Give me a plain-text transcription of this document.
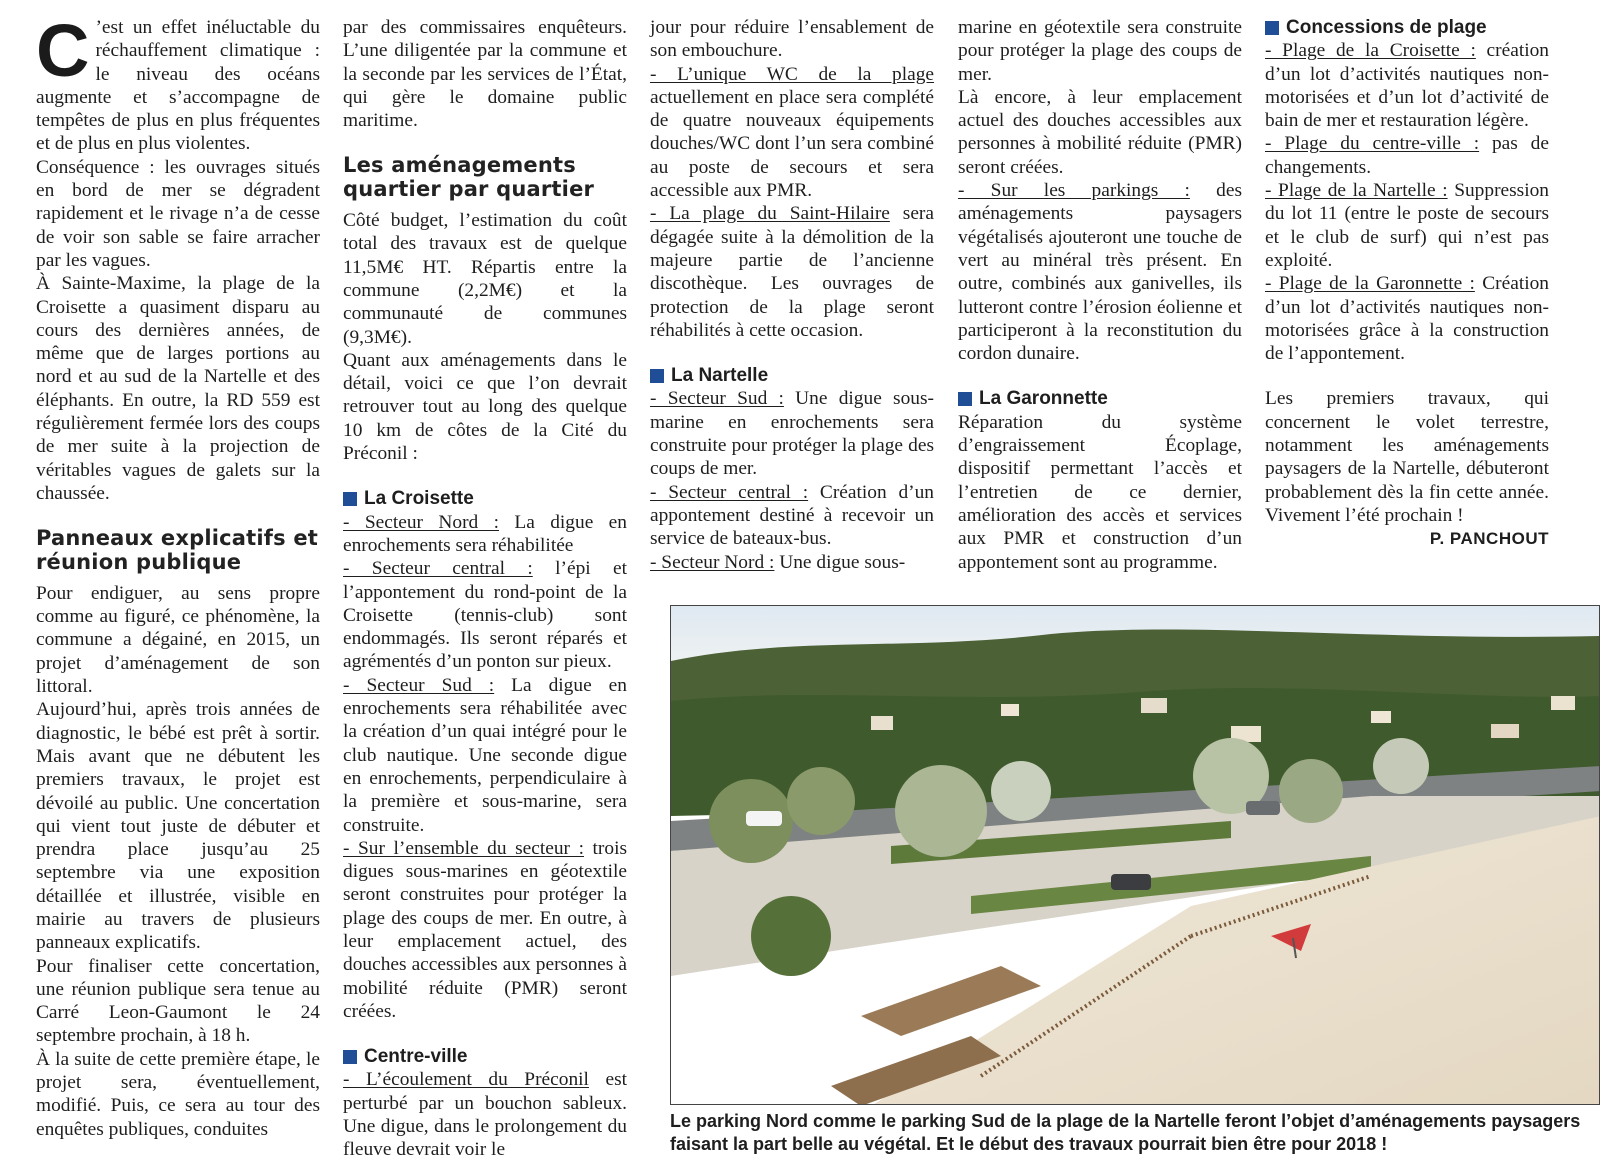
C ’est un effet inéluctable du réchauffement climatique : le niveau des océans augmente et s’accompagne de tempêtes de plus en plus fréquentes et de plus en plus violentes.

Conséquence : les ouvrages situés en bord de mer se dégradent rapidement et le rivage n’a de cesse de voir son sable se faire arracher par les vagues.

À Sainte-Maxime, la plage de la Croisette a quasiment disparu au cours des dernières années, de même que de larges portions au nord et au sud de la Nartelle et des éléphants. En outre, la RD 559 est régulièrement fermée lors des coups de mer suite à la projection de véritables vagues de galets sur la chaussée.

Panneaux explicatifs et réunion publique

Pour endiguer, au sens propre comme au figuré, ce phénomène, la commune a dégainé, en 2015, un projet d’aménagement de son littoral.

Aujourd’hui, après trois années de diagnostic, le bébé est prêt à sortir. Mais avant que ne débutent les premiers travaux, le projet est dévoilé au public. Une concertation qui vient tout juste de débuter et prendra place jusqu’au 25 septembre via une exposition détaillée et illustrée, visible en mairie au travers de plusieurs panneaux explicatifs.

Pour finaliser cette concertation, une réunion publique sera tenue au Carré Leon-Gaumont le 24 septembre prochain, à 18 h.

À la suite de cette première étape, le projet sera, éventuellement, modifié. Puis, ce sera au tour des enquêtes publiques, conduites

par des commissaires enquêteurs. L’une diligentée par la commune et la seconde par les services de l’État, qui gère le domaine public maritime.

Les aménagements quartier par quartier

Côté budget, l’estimation du coût total des travaux est de quelque 11,5M€ HT. Répartis entre la commune (2,2M€) et la communauté de communes (9,3M€).

Quant aux aménagements dans le détail, voici ce que l’on devrait retrouver tout au long des quelque 10 km de côtes de la Cité du Préconil :

La Croisette

- Secteur Nord : La digue en enrochements sera réhabilitée

- Secteur central : l’épi et l’appontement du rond-point de la Croisette (tennis-club) sont endommagés. Ils seront réparés et agrémentés d’un ponton sur pieux.

- Secteur Sud : La digue en enrochements sera réhabilitée avec la création d’un quai intégré pour le club nautique. Une seconde digue en enrochements, perpendiculaire à la première et sous-marine, sera construite.

- Sur l’ensemble du secteur : trois digues sous-marines en géotextile seront construites pour protéger la plage des coups de mer. En outre, à leur emplacement actuel, des douches accessibles aux personnes à mobilité réduite (PMR) seront créées.

Centre-ville

- L’écoulement du Préconil est perturbé par un bouchon sableux. Une digue, dans le prolongement du fleuve devrait voir le

jour pour réduire l’ensablement de son embouchure.

- L’unique WC de la plage actuellement en place sera complété de quatre nouveaux équipements douches/WC dont l’un sera combiné au poste de secours et sera accessible aux PMR.

- La plage du Saint-Hilaire sera dégagée suite à la démolition de la majeure partie de l’ancienne discothèque. Les ouvrages de protection de la plage seront réhabilités à cette occasion.

La Nartelle

- Secteur Sud : Une digue sous-marine en enrochements sera construite pour protéger la plage des coups de mer.

- Secteur central : Création d’un appontement destiné à recevoir un service de bateaux-bus.

- Secteur Nord : Une digue sous-

marine en géotextile sera construite pour protéger la plage des coups de mer.

Là encore, à leur emplacement actuel des douches accessibles aux personnes à mobilité réduite (PMR) seront créées.

- Sur les parkings : des aménagements paysagers végétalisés ajouteront une touche de vert au minéral très présent. En outre, combinés aux ganivelles, ils lutteront contre l’érosion éolienne et participeront à la reconstitution du cordon dunaire.

La Garonnette

Réparation du système d’engraissement Écoplage, dispositif permettant l’accès et l’entretien de ce dernier, amélioration des accès et services aux PMR et construction d’un appontement sont au programme.

Concessions de plage

- Plage de la Croisette : création d’un lot d’activités nautiques non-motorisées et d’un lot d’activité de bain de mer et restauration légère.

- Plage du centre-ville : pas de changements.

- Plage de la Nartelle : Suppression du lot 11 (entre le poste de secours et le club de surf) qui n’est pas exploité.

- Plage de la Garonnette : Création d’un lot d’activités nautiques non-motorisées grâce à la construction de l’appontement.

Les premiers travaux, qui concernent le volet terrestre, notamment les aménagements paysagers de la Nartelle, débuteront probablement dès la fin cette année. Vivement l’été prochain !

P. PANCHOUT
Le parking Nord comme le parking Sud de la plage de la Nartelle feront l’objet d’aménagements paysagers faisant la part belle au végétal. Et le début des travaux pourrait bien être pour 2018 !
